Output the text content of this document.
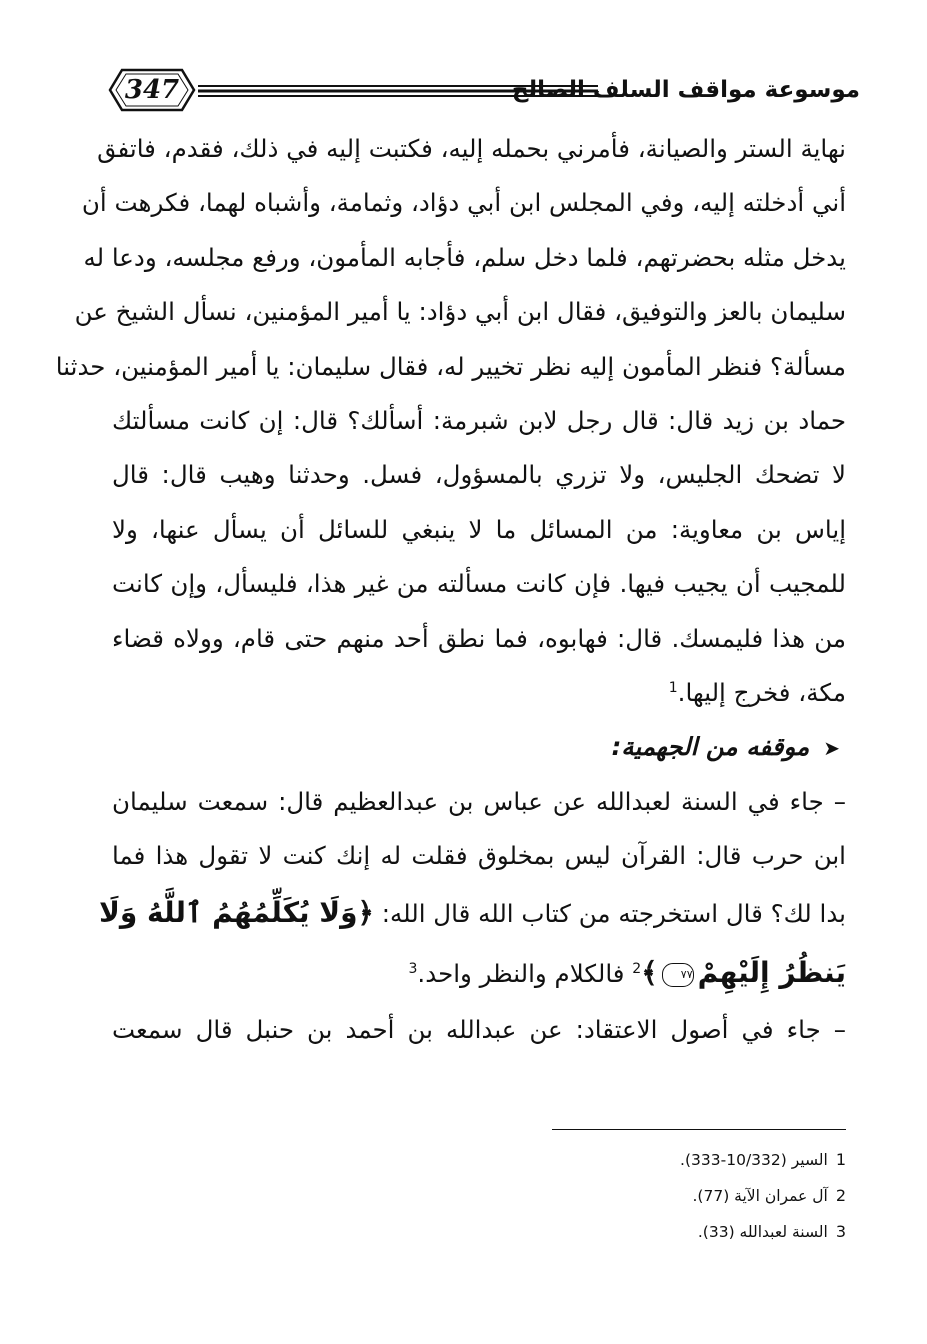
347	موسوعة مواقف السلف الصالح
نهاية الستر والصيانة، فأمرني بحمله إليه، فكتبت إليه في ذلك، فقدم، فاتفق
أني أدخلته إليه، وفي المجلس ابن أبي دؤاد، وثمامة، وأشباه لهما، فكرهت أن
يدخل مثله بحضرتهم، فلما دخل سلم، فأجابه المأمون، ورفع مجلسه، ودعا له
سليمان بالعز والتوفيق، فقال ابن أبي دؤاد: يا أمير المؤمنين، نسأل الشيخ عن
مسألة؟ فنظر المأمون إليه نظر تخيير له، فقال سليمان: يا أمير المؤمنين، حدثنا
حماد بن زيد قال: قال رجل لابن شبرمة: أسألك؟ قال: إن كانت مسألتك
لا تضحك الجليس، ولا تزري بالمسؤول، فسل. وحدثنا وهيب قال: قال
إياس بن معاوية: من المسائل ما لا ينبغي للسائل أن يسأل عنها، ولا
للمجيب أن يجيب فيها. فإن كانت مسألته من غير هذا، فليسأل، وإن كانت
من هذا فليمسك. قال: فهابوه، فما نطق أحد منهم حتى قام، وولاه قضاء
مكة، فخرج إليها.$^1$
➤موقفه من الجهمية:
– جاء في السنة لعبدالله عن عباس بن عبدالعظيم قال: سمعت سليمان
ابن حرب قال: القرآن ليس بمخلوق فقلت له إنك كنت لا تقول هذا فما
بدا لك؟ قال استخرجته من كتاب الله قال الله: ﴿وَلَا يُكَلِّمُهُمُ ٱللَّهُ وَلَا
يَنظُرُ إِلَيْهِمْ٧٧﴾$^2$ فالكلام والنظر واحد.$^3$
– جاء في أصول الاعتقاد: عن عبدالله بن أحمد بن حنبل قال سمعت
1السير (10/332-333).
2آل عمران الآية (77).
3السنة لعبدالله (33).
